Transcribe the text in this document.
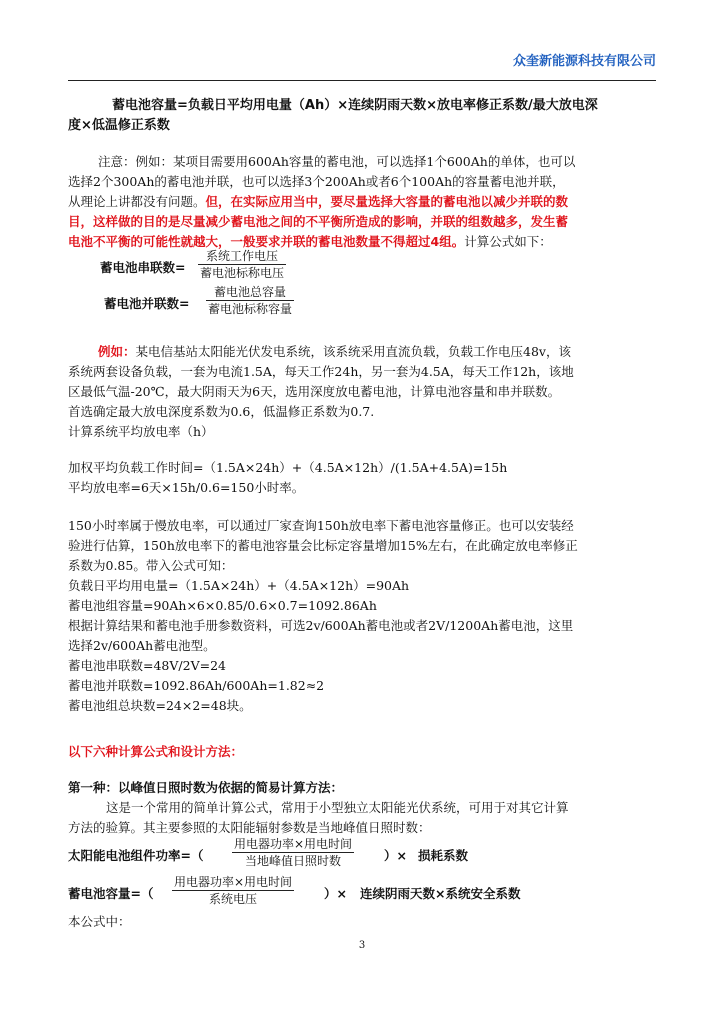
众奎新能源科技有限公司
蓄电池容量=负载日平均用电量（Ah）×连续阴雨天数×放电率修正系数/最大放电深
度×低温修正系数
注意：例如：某项目需要用600Ah容量的蓄电池，可以选择1个600Ah的单体，也可以
选择2个300Ah的蓄电池并联，也可以选择3个200Ah或者6个100Ah的容量蓄电池并联，
从理论上讲都没有问题。但，在实际应用当中，要尽量选择大容量的蓄电池以减少并联的数
目，这样做的目的是尽量减少蓄电池之间的不平衡所造成的影响，并联的组数越多，发生蓄
电池不平衡的可能性就越大，一般要求并联的蓄电池数量不得超过4组。计算公式如下：
蓄电池串联数=
系统工作电压
蓄电池标称电压
蓄电池并联数=
蓄电池总容量
蓄电池标称容量
例如：某电信基站太阳能光伏发电系统，该系统采用直流负载，负载工作电压48v，该
系统两套设备负载，一套为电流1.5A，每天工作24h，另一套为4.5A，每天工作12h，该地
区最低气温-20℃，最大阴雨天为6天，选用深度放电蓄电池，计算电池容量和串并联数。
首选确定最大放电深度系数为0.6，低温修正系数为0.7.
计算系统平均放电率（h）
加权平均负载工作时间=（1.5A×24h）+（4.5A×12h）/(1.5A+4.5A)=15h
平均放电率=6天×15h/0.6=150小时率。
150小时率属于慢放电率，可以通过厂家查询150h放电率下蓄电池容量修正。也可以安装经
验进行估算，150h放电率下的蓄电池容量会比标定容量增加15%左右，在此确定放电率修正
系数为0.85。带入公式可知：
负载日平均用电量=（1.5A×24h）+（4.5A×12h）=90Ah
蓄电池组容量=90Ah×6×0.85/0.6×0.7=1092.86Ah
根据计算结果和蓄电池手册参数资料，可选2v/600Ah蓄电池或者2V/1200Ah蓄电池，这里
选择2v/600Ah蓄电池型。
蓄电池串联数=48V/2V=24
蓄电池并联数=1092.86Ah/600Ah=1.82≈2
蓄电池组总块数=24×2=48块。
以下六种计算公式和设计方法：
第一种：以峰值日照时数为依据的简易计算方法：
这是一个常用的简单计算公式，常用于小型独立太阳能光伏系统，可用于对其它计算
方法的验算。其主要参照的太阳能辐射参数是当地峰值日照时数：
太阳能电池组件功率=（
用电器功率×用电时间
当地峰值日照时数	）× 损耗系数
蓄电池容量=（
用电器功率×用电时间
系统电压	）× 连续阴雨天数×系统安全系数
本公式中：
3
